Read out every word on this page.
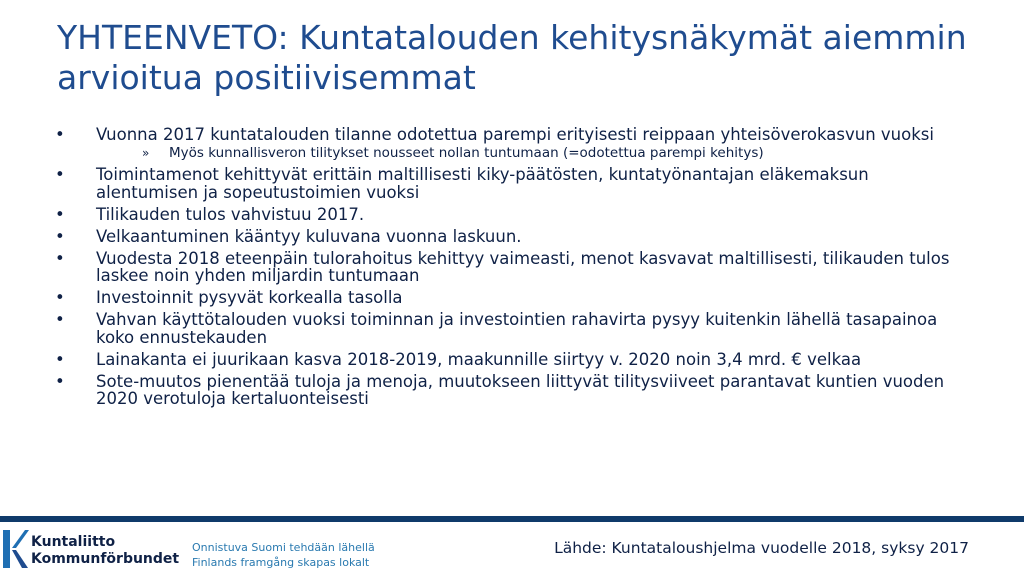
YHTEENVETO: Kuntatalouden kehitysnäkymät aiemmin arvioitua positiivisemmat
• Vuonna 2017 kuntatalouden tilanne odotettua parempi erityisesti reippaan yhteisöverokasvun vuoksi
» Myös kunnallisveron tilitykset nousseet nollan tuntumaan (=odotettua parempi kehitys)
• Toimintamenot kehittyvät erittäin maltillisesti kiky-päätösten, kuntatyönantajan eläkemaksun alentumisen ja sopeutustoimien vuoksi
• Tilikauden tulos vahvistuu 2017.
• Velkaantuminen kääntyy kuluvana vuonna laskuun.
• Vuodesta 2018 eteenpäin tulorahoitus kehittyy vaimeasti, menot kasvavat maltillisesti, tilikauden tulos laskee noin yhden miljardin tuntumaan
• Investoinnit pysyvät korkealla tasolla
• Vahvan käyttötalouden vuoksi toiminnan ja investointien rahavirta pysyy kuitenkin lähellä tasapainoa koko ennustekauden
• Lainakanta ei juurikaan kasva 2018-2019, maakunnille siirtyy v. 2020 noin 3,4 mrd. € velkaa
• Sote-muutos pienentää tuloja ja menoja, muutokseen liittyvät tilitysviiveet parantavat kuntien vuoden 2020 verotuloja kertaluonteisesti
Kuntaliitto
Kommunförbundet
Onnistuva Suomi tehdään lähellä
Finlands framgång skapas lokalt
Lähde: Kuntataloushjelma vuodelle 2018, syksy 2017
